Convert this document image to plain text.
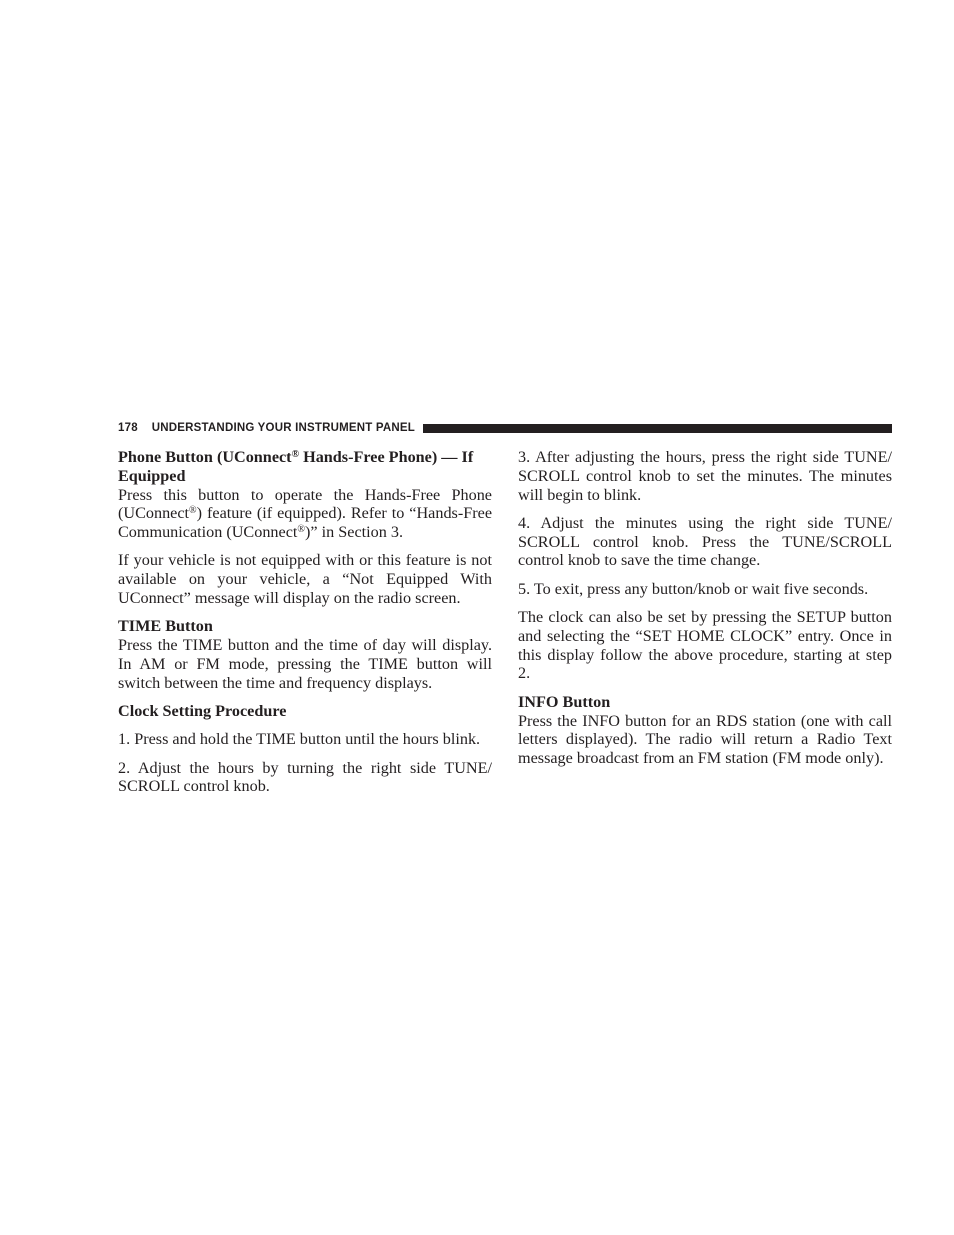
178 UNDERSTANDING YOUR INSTRUMENT PANEL
Phone Button (UConnect® Hands-Free Phone) — If Equipped

Press this button to operate the Hands-Free Phone (UConnect®) feature (if equipped). Refer to “Hands-Free Communication (UConnect®)” in Section 3.

If your vehicle is not equipped with or this feature is not available on your vehicle, a “Not Equipped With UConnect” message will display on the radio screen.

TIME Button

Press the TIME button and the time of day will display. In AM or FM mode, pressing the TIME button will switch between the time and frequency displays.

Clock Setting Procedure

1. Press and hold the TIME button until the hours blink.

2. Adjust the hours by turning the right side TUNE/ SCROLL control knob.

3. After adjusting the hours, press the right side TUNE/ SCROLL control knob to set the minutes. The minutes will begin to blink.

4. Adjust the minutes using the right side TUNE/ SCROLL control knob. Press the TUNE/SCROLL control knob to save the time change.

5. To exit, press any button/knob or wait five seconds.

The clock can also be set by pressing the SETUP button and selecting the “SET HOME CLOCK” entry. Once in this display follow the above procedure, starting at step 2.

INFO Button

Press the INFO button for an RDS station (one with call letters displayed). The radio will return a Radio Text message broadcast from an FM station (FM mode only).
